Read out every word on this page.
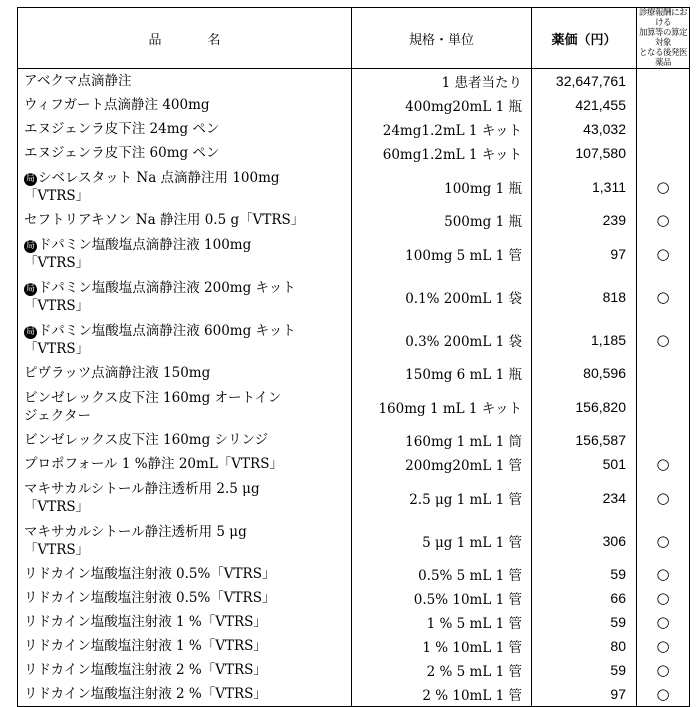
品 名	規格・単位	薬価（円）	診療報酬における
加算等の算定対象
となる後発医薬品
アベクマ点滴静注	1 患者当たり	32,647,761	
ウィフガート点滴静注 400mg	400mg20mL 1 瓶	421,455	
エヌジェンラ皮下注 24mg ペン	24mg1.2mL 1 キット	43,032	
エヌジェンラ皮下注 60mg ペン	60mg1.2mL 1 キット	107,580	
局 シベレスタット Na 点滴静注用 100mg
「VTRS」	100mg 1 瓶	1,311	○
セフトリアキソン Na 静注用 0.5 g「VTRS」	500mg 1 瓶	239	○
局 ドパミン塩酸塩点滴静注液 100mg
「VTRS」	100mg 5 mL 1 管	97	○
局 ドパミン塩酸塩点滴静注液 200mg キット
「VTRS」	0.1% 200mL 1 袋	818	○
局 ドパミン塩酸塩点滴静注液 600mg キット
「VTRS」	0.3% 200mL 1 袋	1,185	○
ピヴラッツ点滴静注液 150mg	150mg 6 mL 1 瓶	80,596	
ビンゼレックス皮下注 160mg オートイン
ジェクター	160mg 1 mL 1 キット	156,820	
ビンゼレックス皮下注 160mg シリンジ	160mg 1 mL 1 筒	156,587	
プロポフォール 1 %静注 20mL「VTRS」	200mg20mL 1 管	501	○
マキサカルシトール静注透析用 2.5 μg
「VTRS」	2.5 μg 1 mL 1 管	234	○
マキサカルシトール静注透析用 5 μg
「VTRS」	5 μg 1 mL 1 管	306	○
リドカイン塩酸塩注射液 0.5%「VTRS」	0.5% 5 mL 1 管	59	○
リドカイン塩酸塩注射液 0.5%「VTRS」	0.5% 10mL 1 管	66	○
リドカイン塩酸塩注射液 1 %「VTRS」	1 % 5 mL 1 管	59	○
リドカイン塩酸塩注射液 1 %「VTRS」	1 % 10mL 1 管	80	○
リドカイン塩酸塩注射液 2 %「VTRS」	2 % 5 mL 1 管	59	○
リドカイン塩酸塩注射液 2 %「VTRS」	2 % 10mL 1 管	97	○
